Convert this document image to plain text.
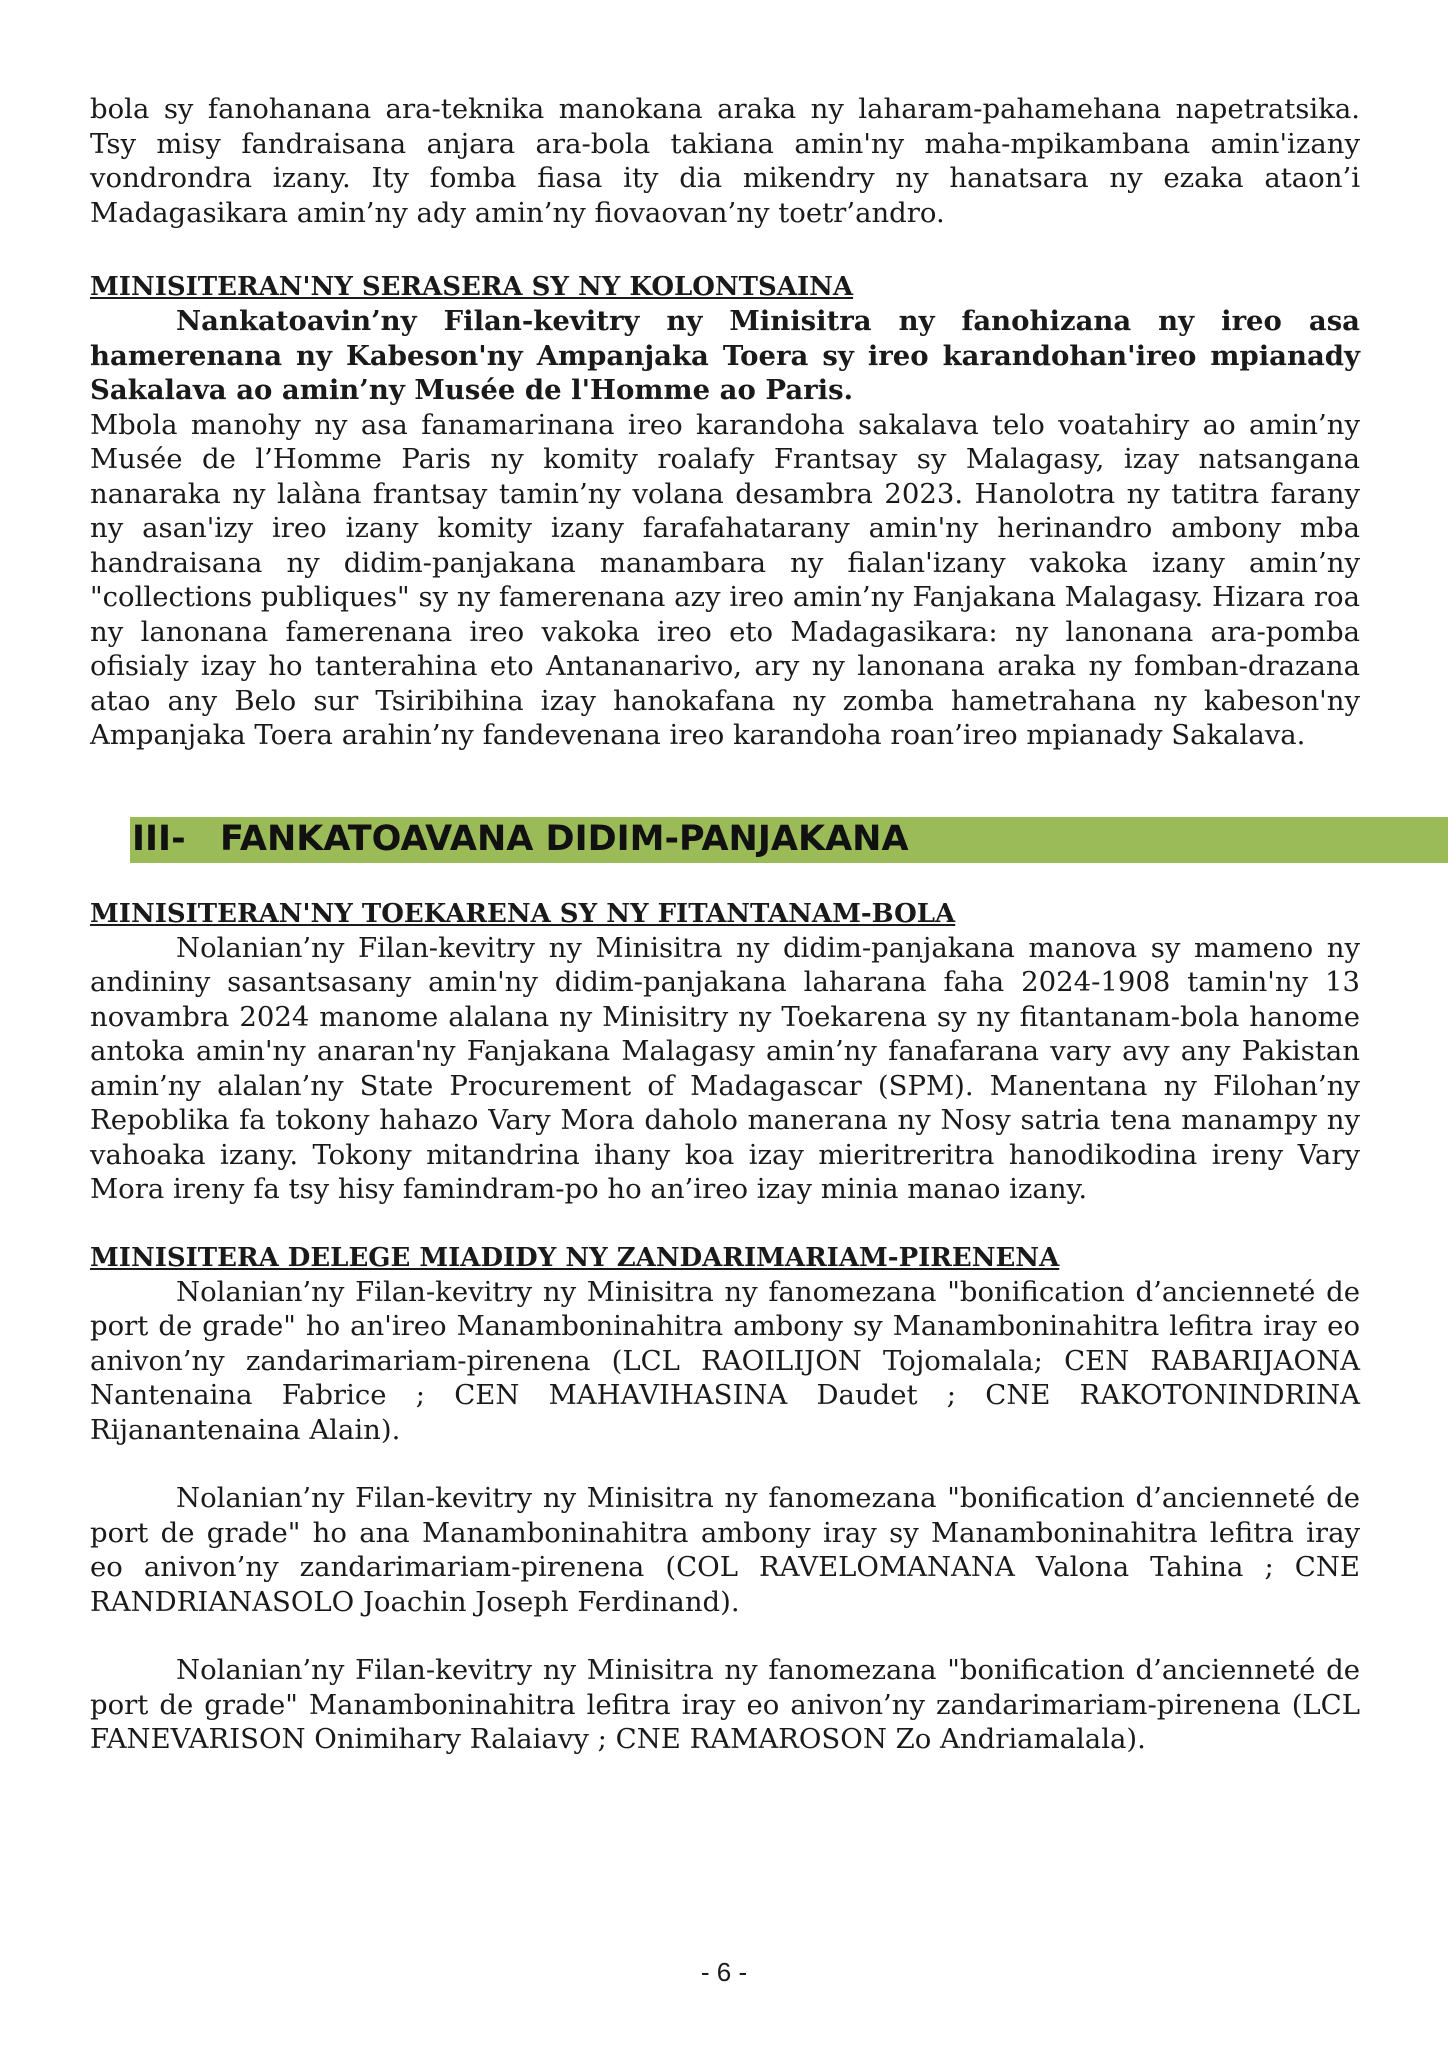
bola sy fanohanana ara-teknika manokana araka ny laharam-pahamehana napetratsika. Tsy misy fandraisana anjara ara-bola takiana amin'ny maha-mpikambana amin'izany vondrondra izany. Ity fomba fiasa ity dia mikendry ny hanatsara ny ezaka ataon’i Madagasikara amin’ny ady amin’ny fiovaovan’ny toetr’andro.

MINISITERAN'NY SERASERA SY NY KOLONTSAINA

Nankatoavin’ny Filan-kevitry ny Minisitra ny fanohizana ny ireo asa hamerenana ny Kabeson'ny Ampanjaka Toera sy ireo karandohan'ireo mpianady Sakalava ao amin’ny Musée de l'Homme ao Paris.

Mbola manohy ny asa fanamarinana ireo karandoha sakalava telo voatahiry ao amin’ny Musée de l’Homme Paris ny komity roalafy Frantsay sy Malagasy, izay natsangana nanaraka ny lalàna frantsay tamin’ny volana desambra 2023. Hanolotra ny tatitra farany ny asan'izy ireo izany komity izany farafahatarany amin'ny herinandro ambony mba handraisana ny didim-panjakana manambara ny fialan'izany vakoka izany amin’ny "collections publiques" sy ny famerenana azy ireo amin’ny Fanjakana Malagasy. Hizara roa ny lanonana famerenana ireo vakoka ireo eto Madagasikara: ny lanonana ara-pomba ofisialy izay ho tanterahina eto Antananarivo, ary ny lanonana araka ny fomban-drazana atao any Belo sur Tsiribihina izay hanokafana ny zomba hametrahana ny kabeson'ny Ampanjaka Toera arahin’ny fandevenana ireo karandoha roan’ireo mpianady Sakalava.

III- FANKATOAVANA DIDIM-PANJAKANA

MINISITERAN'NY TOEKARENA SY NY FITANTANAM-BOLA

Nolanian’ny Filan-kevitry ny Minisitra ny didim-panjakana manova sy mameno ny andininy sasantsasany amin'ny didim-panjakana laharana faha 2024-1908 tamin'ny 13 novambra 2024 manome alalana ny Minisitry ny Toekarena sy ny fitantanam-bola hanome antoka amin'ny anaran'ny Fanjakana Malagasy amin’ny fanafarana vary avy any Pakistan amin’ny alalan’ny State Procurement of Madagascar (SPM). Manentana ny Filohan’ny Repoblika fa tokony hahazo Vary Mora daholo manerana ny Nosy satria tena manampy ny vahoaka izany. Tokony mitandrina ihany koa izay mieritreritra hanodikodina ireny Vary Mora ireny fa tsy hisy famindram-po ho an’ireo izay minia manao izany.

MINISITERA DELEGE MIADIDY NY ZANDARIMARIAM-PIRENENA

Nolanian’ny Filan-kevitry ny Minisitra ny fanomezana "bonification d’ancienneté de port de grade" ho an'ireo Manamboninahitra ambony sy Manamboninahitra lefitra iray eo anivon’ny zandarimariam-pirenena (LCL RAOILIJON Tojomalala; CEN RABARIJAONA Nantenaina Fabrice ; CEN MAHAVIHASINA Daudet ; CNE RAKOTONINDRINA Rijanantenaina Alain).

Nolanian’ny Filan-kevitry ny Minisitra ny fanomezana "bonification d’ancienneté de port de grade" ho ana Manamboninahitra ambony iray sy Manamboninahitra lefitra iray eo anivon’ny zandarimariam-pirenena (COL RAVELOMANANA Valona Tahina ; CNE RANDRIANASOLO Joachin Joseph Ferdinand).

Nolanian’ny Filan-kevitry ny Minisitra ny fanomezana "bonification d’ancienneté de port de grade" Manamboninahitra lefitra iray eo anivon’ny zandarimariam-pirenena (LCL FANEVARISON Onimihary Ralaiavy ; CNE RAMAROSON Zo Andriamalala).

- 6 -
